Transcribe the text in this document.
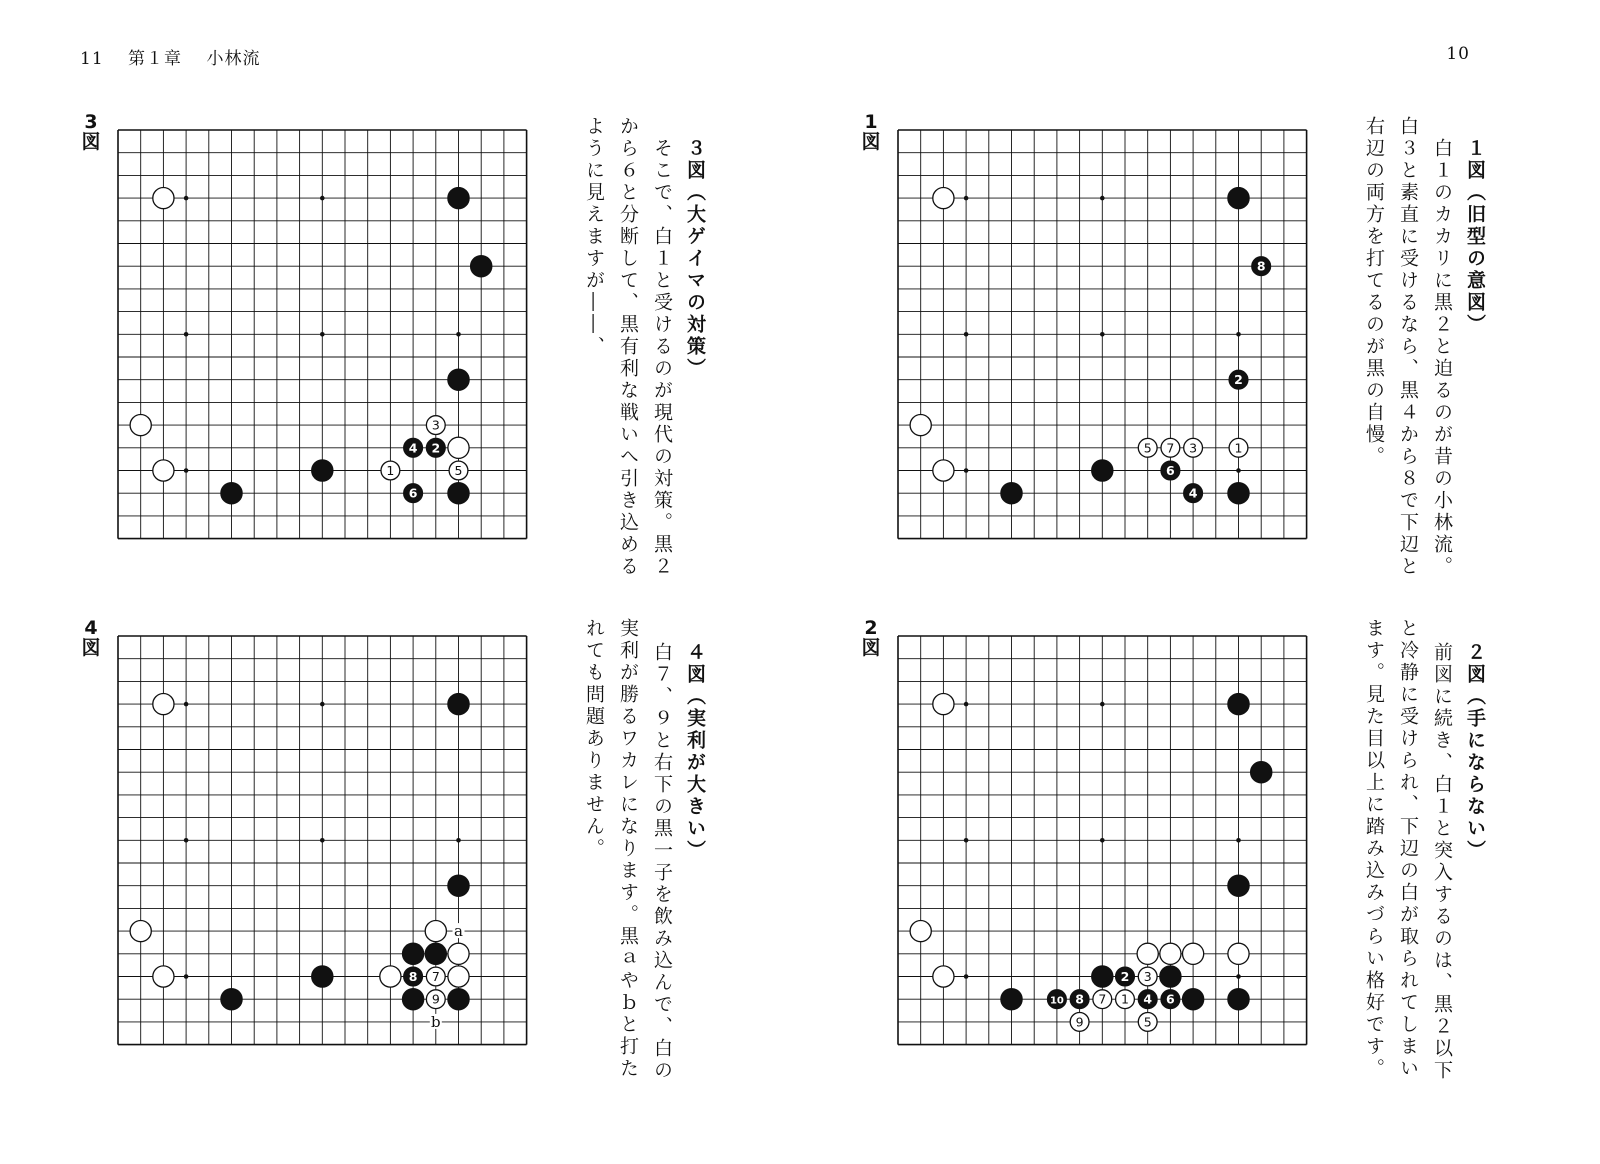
11 第１章 小林流	10
3
図
1
図
4
図
2
図
3
4 2
1	5
6
8
2
5 7 3	1
6
4
8 7
9
a
b
2 3
10 8 7 1 4 6
9	5
１図（旧型の意図）
白１のカカリに黒２と迫るのが昔の小林流。
白３と素直に受けるなら、黒４から８で下辺と
右辺の両方を打てるのが黒の自慢。
２図（手にならない）
前図に続き、白１と突入するのは、黒２以下
と冷静に受けられ、下辺の白が取られてしまい
ます。見た目以上に踏み込みづらい格好です。
３図（大ゲイマの対策）
そこで、白１と受けるのが現代の対策。黒２
から６と分断して、黒有利な戦いへ引き込める
ように見えますが――、
４図（実利が大きい）
白７、９と右下の黒一子を飲み込んで、白の
実利が勝るワカレになります。黒ａやｂと打た
れても問題ありません。
